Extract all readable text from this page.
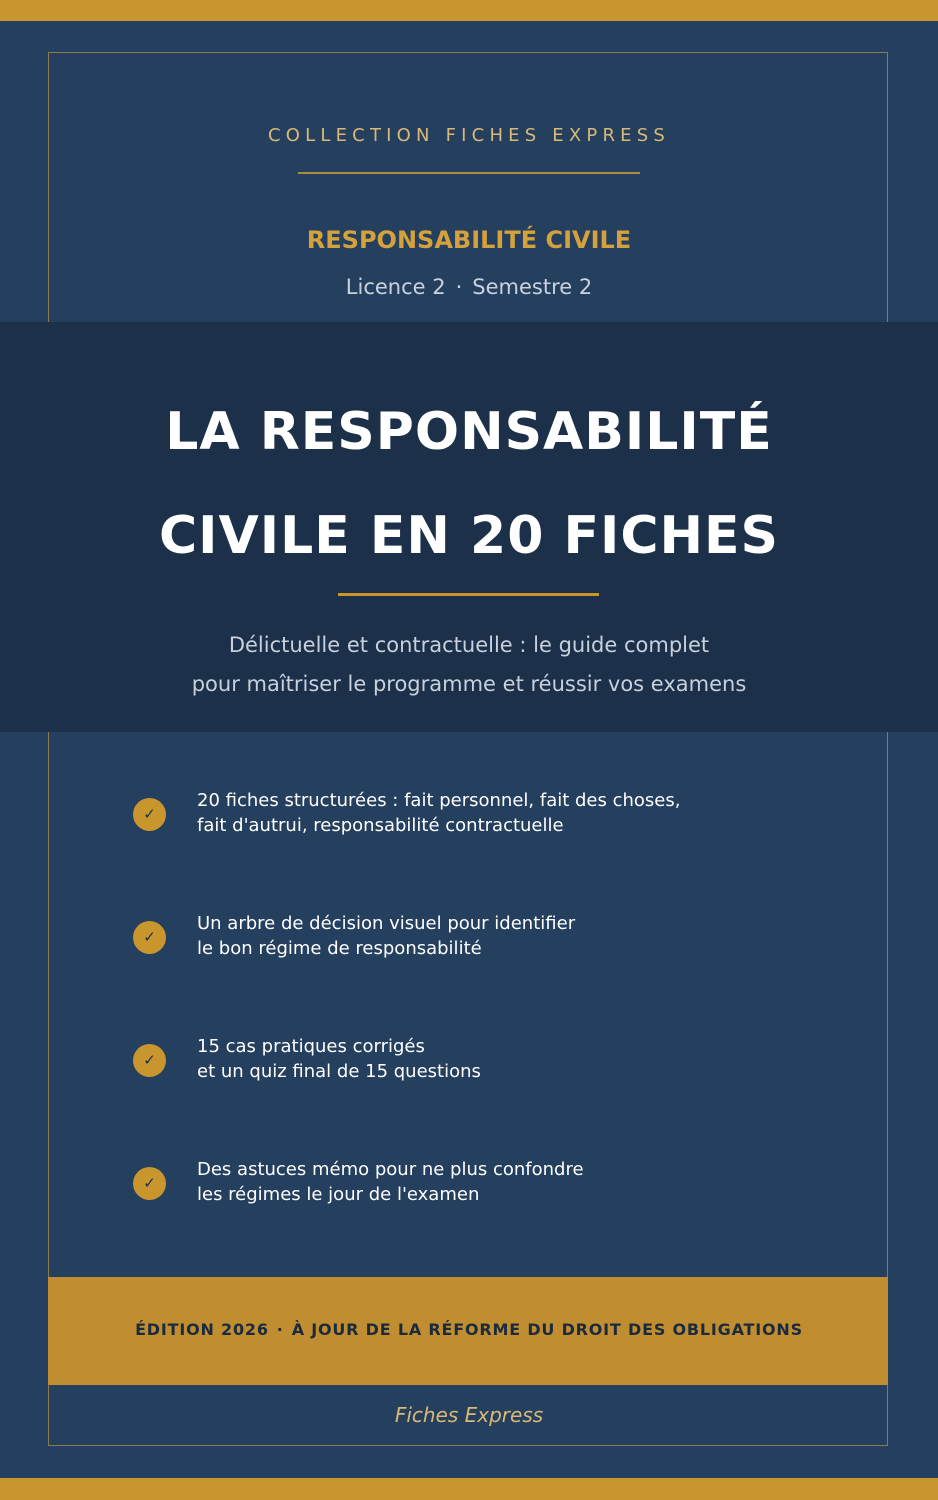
COLLECTION FICHES EXPRESS
RESPONSABILITÉ CIVILE
Licence 2 · Semestre 2
LA RESPONSABILITÉ
CIVILE EN 20 FICHES
Délictuelle et contractuelle : le guide complet
pour maîtriser le programme et réussir vos examens
✓
20 fiches structurées : fait personnel, fait des choses,
fait d'autrui, responsabilité contractuelle
✓
Un arbre de décision visuel pour identifier
le bon régime de responsabilité
✓
15 cas pratiques corrigés
et un quiz final de 15 questions
✓
Des astuces mémo pour ne plus confondre
les régimes le jour de l'examen
ÉDITION 2026 · À JOUR DE LA RÉFORME DU DROIT DES OBLIGATIONS
Fiches Express
